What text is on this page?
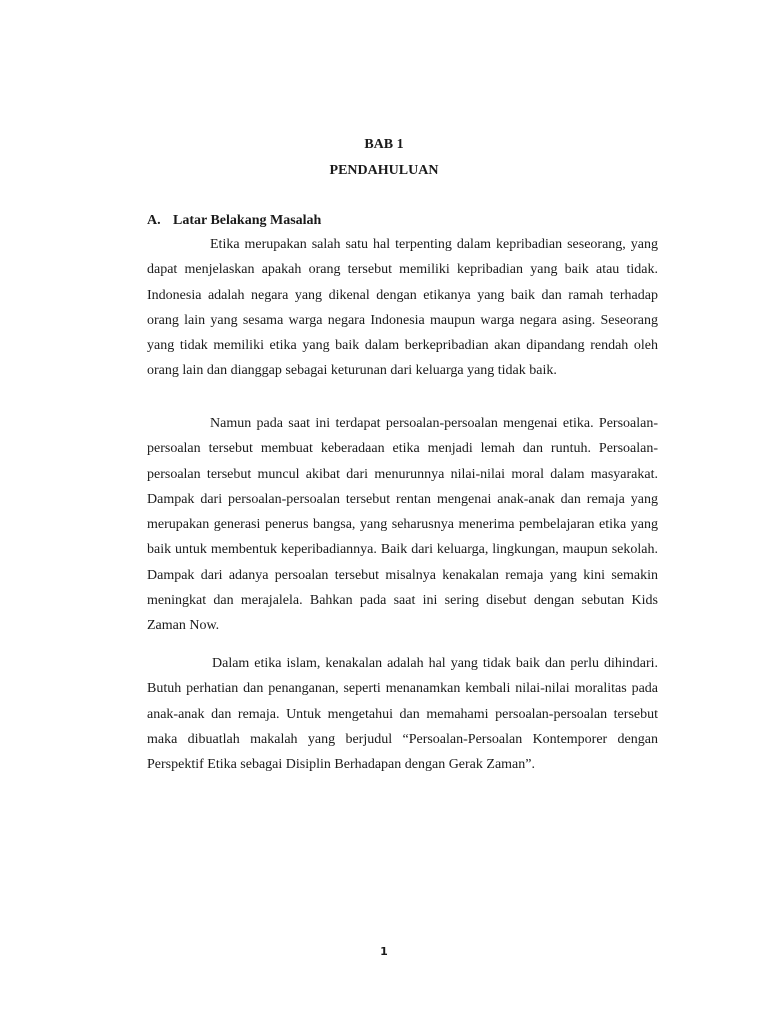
BAB 1
PENDAHULUAN
A. Latar Belakang Masalah

Etika merupakan salah satu hal terpenting dalam kepribadian seseorang, yang dapat menjelaskan apakah orang tersebut memiliki kepribadian yang baik atau tidak. Indonesia adalah negara yang dikenal dengan etikanya yang baik dan ramah terhadap orang lain yang sesama warga negara Indonesia maupun warga negara asing. Seseorang yang tidak memiliki etika yang baik dalam berkepribadian akan dipandang rendah oleh orang lain dan dianggap sebagai keturunan dari keluarga yang tidak baik.

Namun pada saat ini terdapat persoalan-persoalan mengenai etika. Persoalan-persoalan tersebut membuat keberadaan etika menjadi lemah dan runtuh. Persoalan-persoalan tersebut muncul akibat dari menurunnya nilai-nilai moral dalam masyarakat. Dampak dari persoalan-persoalan tersebut rentan mengenai anak-anak dan remaja yang merupakan generasi penerus bangsa, yang seharusnya menerima pembelajaran etika yang baik untuk membentuk keperibadiannya. Baik dari keluarga, lingkungan, maupun sekolah. Dampak dari adanya persoalan tersebut misalnya kenakalan remaja yang kini semakin meningkat dan merajalela. Bahkan pada saat ini sering disebut dengan sebutan Kids Zaman Now.

Dalam etika islam, kenakalan adalah hal yang tidak baik dan perlu dihindari. Butuh perhatian dan penanganan, seperti menanamkan kembali nilai-nilai moralitas pada anak-anak dan remaja. Untuk mengetahui dan memahami persoalan-persoalan tersebut maka dibuatlah makalah yang berjudul “Persoalan-Persoalan Kontemporer dengan Perspektif Etika sebagai Disiplin Berhadapan dengan Gerak Zaman”.

1
